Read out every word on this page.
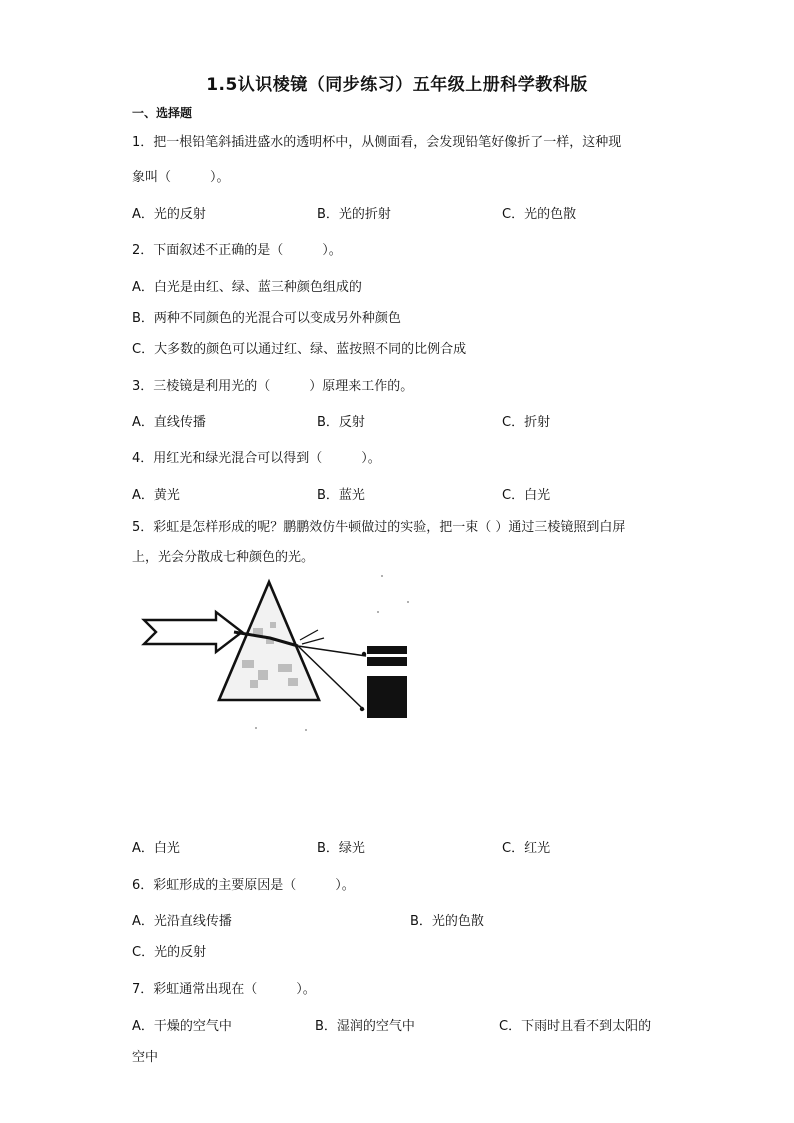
1.5认识棱镜（同步练习）五年级上册科学教科版
一、选择题
1．把一根铅笔斜插进盛水的透明杯中，从侧面看，会发现铅笔好像折了一样，这种现
象叫（　　　）。
A．光的反射	B．光的折射	C．光的色散
2．下面叙述不正确的是（　　　）。
A．白光是由红、绿、蓝三种颜色组成的
B．两种不同颜色的光混合可以变成另外种颜色
C．大多数的颜色可以通过红、绿、蓝按照不同的比例合成
3．三棱镜是利用光的（　　　）原理来工作的。
A．直线传播	B．反射	C．折射
4．用红光和绿光混合可以得到（　　　）。
A．黄光	B．蓝光	C．白光
5．彩虹是怎样形成的呢？鹏鹏效仿牛顿做过的实验，把一束（ ）通过三棱镜照到白屏
上，光会分散成七种颜色的光。
A．白光	B．绿光	C．红光
6．彩虹形成的主要原因是（　　　）。
A．光沿直线传播	B．光的色散
C．光的反射
7．彩虹通常出现在（　　　）。
A．干燥的空气中	B．湿润的空气中	C．下雨时且看不到太阳的
空中
